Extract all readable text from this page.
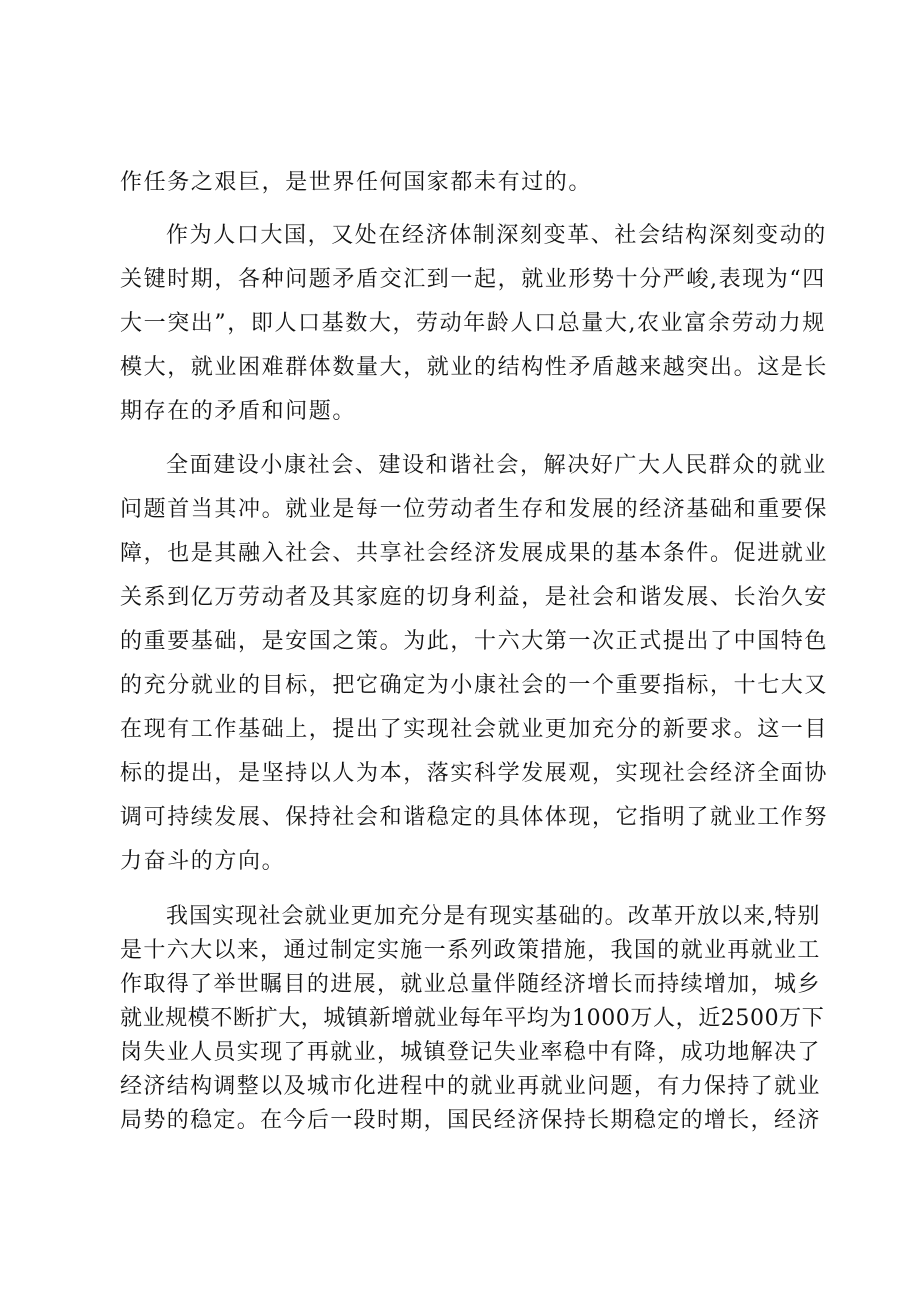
作任务之艰巨，是世界任何国家都未有过的。

作为人口大国，又处在经济体制深刻变革、社会结构深刻变动的

关键时期，各种问题矛盾交汇到一起，就业形势十分严峻,表现为“四

大一突出”，即人口基数大，劳动年龄人口总量大,农业富余劳动力规

模大，就业困难群体数量大，就业的结构性矛盾越来越突出。这是长

期存在的矛盾和问题。

全面建设小康社会、建设和谐社会，解决好广大人民群众的就业

问题首当其冲。就业是每一位劳动者生存和发展的经济基础和重要保

障，也是其融入社会、共享社会经济发展成果的基本条件。促进就业

关系到亿万劳动者及其家庭的切身利益，是社会和谐发展、长治久安

的重要基础，是安国之策。为此，十六大第一次正式提出了中国特色

的充分就业的目标，把它确定为小康社会的一个重要指标，十七大又

在现有工作基础上，提出了实现社会就业更加充分的新要求。这一目

标的提出，是坚持以人为本，落实科学发展观，实现社会经济全面协

调可持续发展、保持社会和谐稳定的具体体现，它指明了就业工作努

力奋斗的方向。

我国实现社会就业更加充分是有现实基础的。改革开放以来,特别

是十六大以来，通过制定实施一系列政策措施，我国的就业再就业工

作取得了举世瞩目的进展，就业总量伴随经济增长而持续增加，城乡

就业规模不断扩大，城镇新增就业每年平均为1000万人，近2500万下

岗失业人员实现了再就业，城镇登记失业率稳中有降，成功地解决了

经济结构调整以及城市化进程中的就业再就业问题，有力保持了就业

局势的稳定。在今后一段时期，国民经济保持长期稳定的增长，经济
